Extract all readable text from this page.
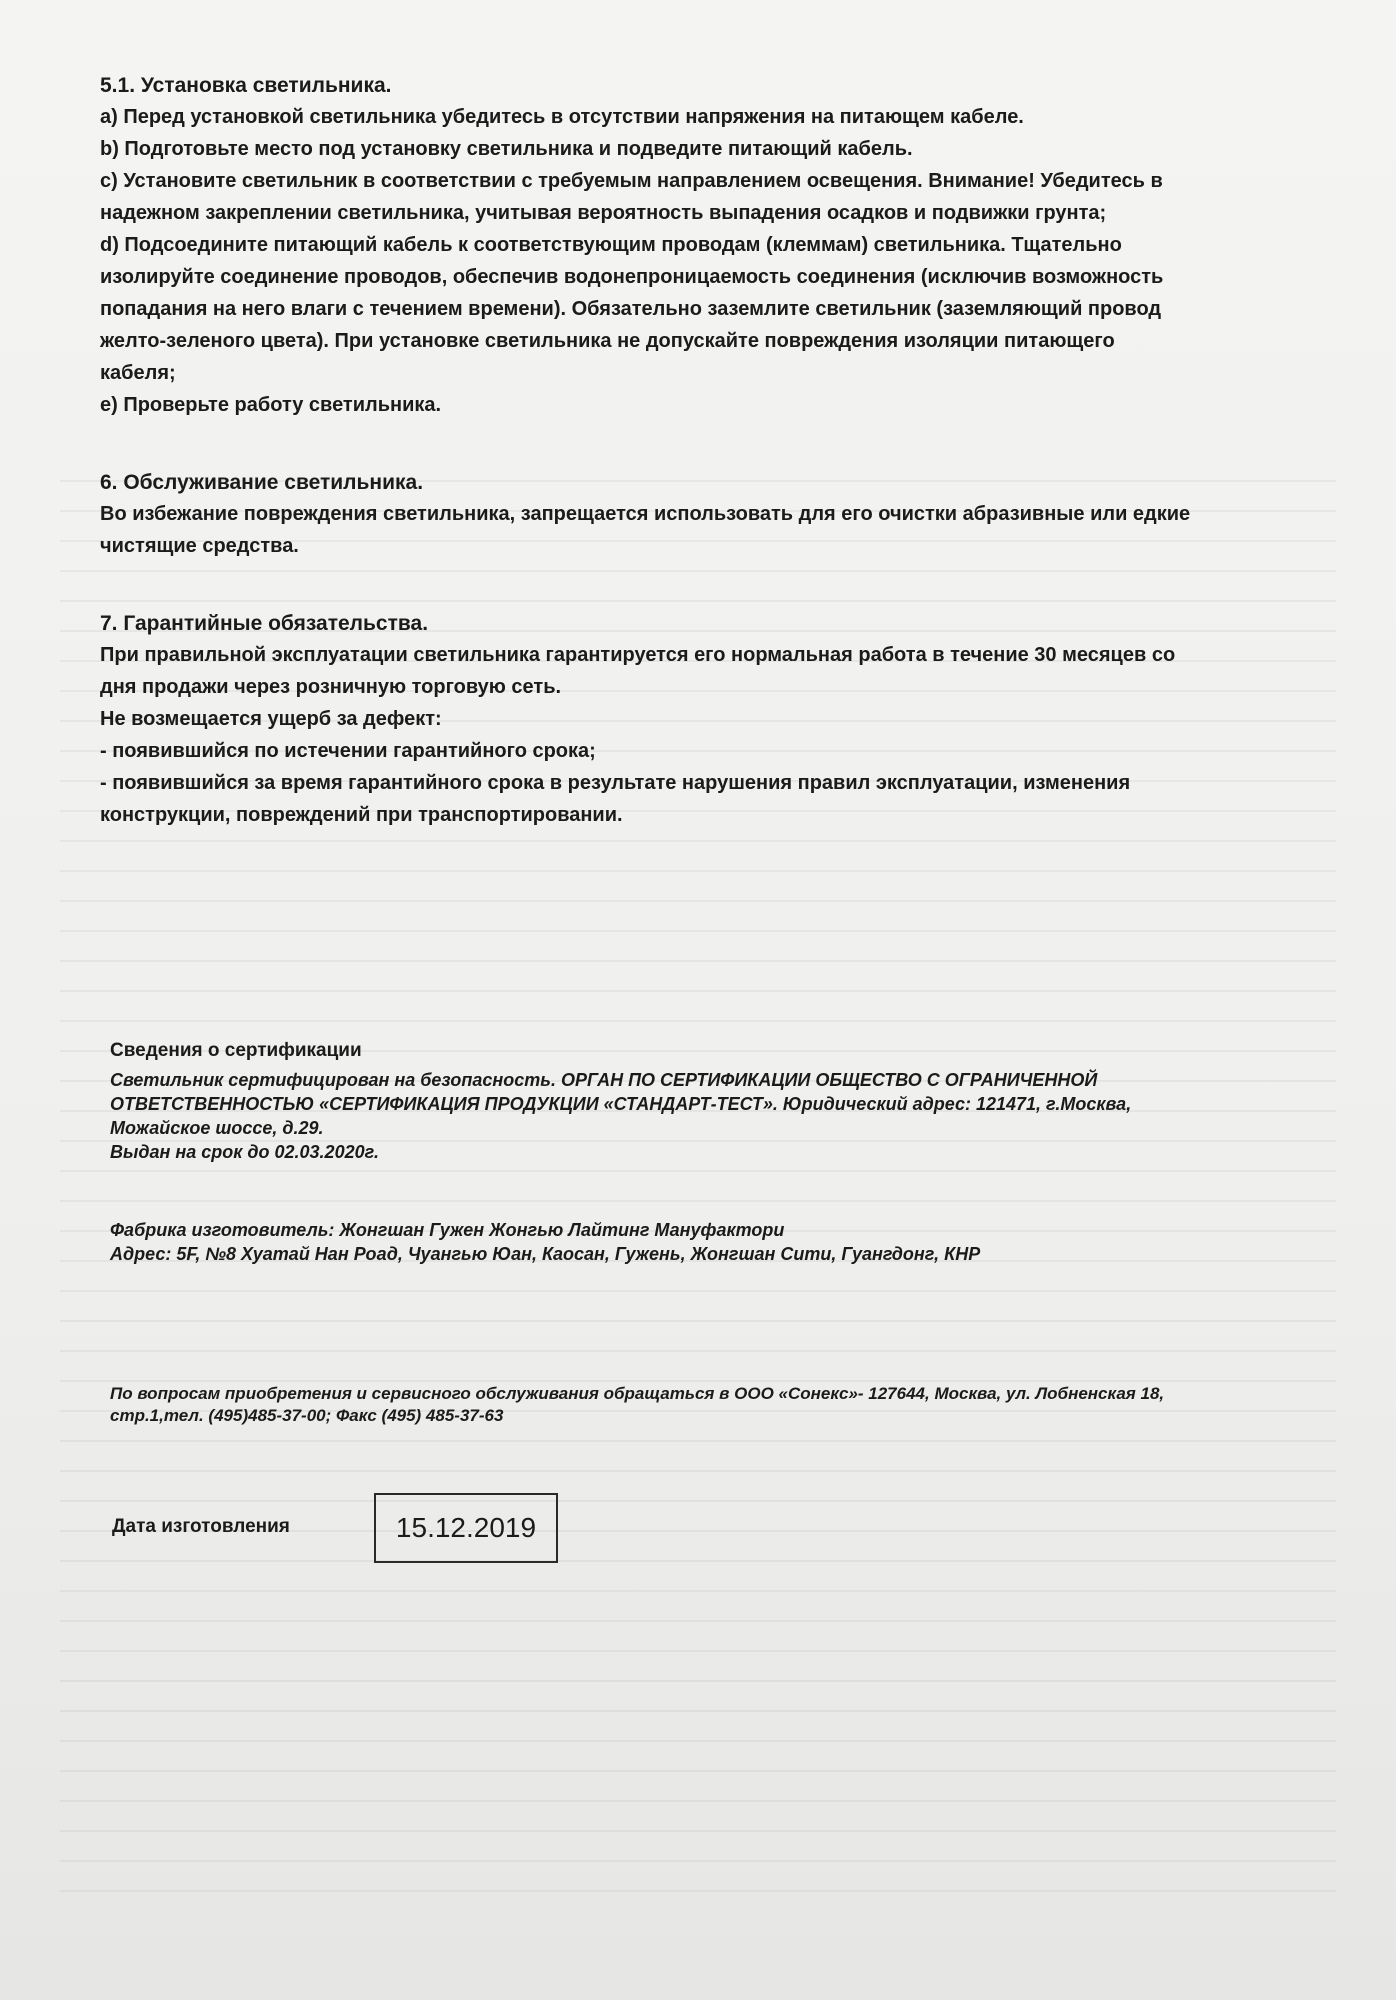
5.1. Установка светильника.
а) Перед установкой светильника убедитесь в отсутствии напряжения на питающем кабеле.
b) Подготовьте место под установку светильника и подведите питающий кабель.
c) Установите светильник в соответствии с требуемым направлением освещения. Внимание! Убедитесь в
надежном закреплении светильника, учитывая вероятность выпадения осадков и подвижки грунта;
d) Подсоедините питающий кабель к соответствующим проводам (клеммам) светильника. Тщательно
изолируйте соединение проводов, обеспечив водонепроницаемость соединения (исключив возможность
попадания на него влаги с течением времени). Обязательно заземлите светильник (заземляющий провод
желто-зеленого цвета). При установке светильника не допускайте повреждения изоляции питающего
кабеля;
е) Проверьте работу светильника.
6. Обслуживание светильника.
Во избежание повреждения светильника, запрещается использовать для его очистки абразивные или едкие
чистящие средства.
7. Гарантийные обязательства.
При правильной эксплуатации светильника гарантируется его нормальная работа в течение 30 месяцев со
дня продажи через розничную торговую сеть.
Не возмещается ущерб за дефект:
- появившийся по истечении гарантийного срока;
- появившийся за время гарантийного срока в результате нарушения правил эксплуатации, изменения
конструкции, повреждений при транспортировании.
Сведения о сертификации
Светильник сертифицирован на безопасность. ОРГАН ПО СЕРТИФИКАЦИИ ОБЩЕСТВО С ОГРАНИЧЕННОЙ
ОТВЕТСТВЕННОСТЬЮ «СЕРТИФИКАЦИЯ ПРОДУКЦИИ «СТАНДАРТ-ТЕСТ». Юридический адрес: 121471, г.Москва,
Можайское шоссе, д.29.
Выдан на срок до 02.03.2020г.
Фабрика изготовитель: Жонгшан Гужен Жонгью Лайтинг Мануфактори
Адрес: 5F, №8 Хуатай Нан Роад, Чуангью Юан, Каосан, Гужень, Жонгшан Сити, Гуангдонг, КНР
По вопросам приобретения и сервисного обслуживания обращаться в ООО «Сонекс»- 127644, Москва, ул. Лобненская 18,
стр.1,тел. (495)485-37-00; Факс (495) 485-37-63
Дата изготовления	15.12.2019
